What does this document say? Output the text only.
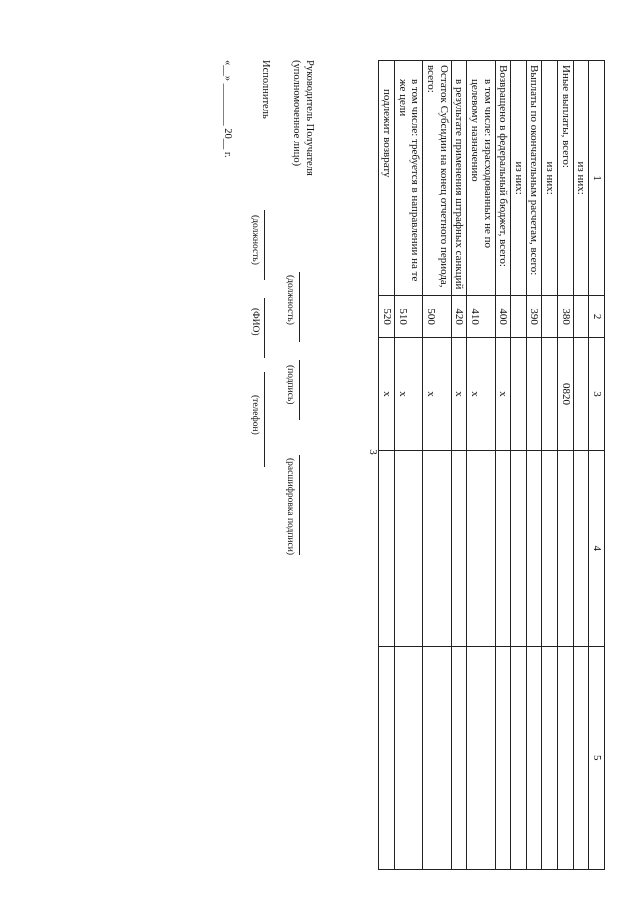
3
1	2	3	4	5
из них:				
Иные выплаты, всего:	380	0820		
из них:				
Выплаты по окончательным расчетам, всего:	390			
из них:				
Возвращено в федеральный бюджет, всего:	400	x		
в том числе: израсходованных не по целевому назначению	410	x		
в результате применения штрафных санкций	420	x		
Остаток Субсидии на конец отчетного периода, всего:	500	x		
в том числе: требуется в направлении на те же цели	510	x		
подлежит возврату	520	x		
Руководитель Получателя
(уполномоченное лицо)
(должность)
(подпись)
(расшифровка подписи)
Исполнитель
(должность)
(ФИО)
(телефон)
«__» ________ 20__ г.
